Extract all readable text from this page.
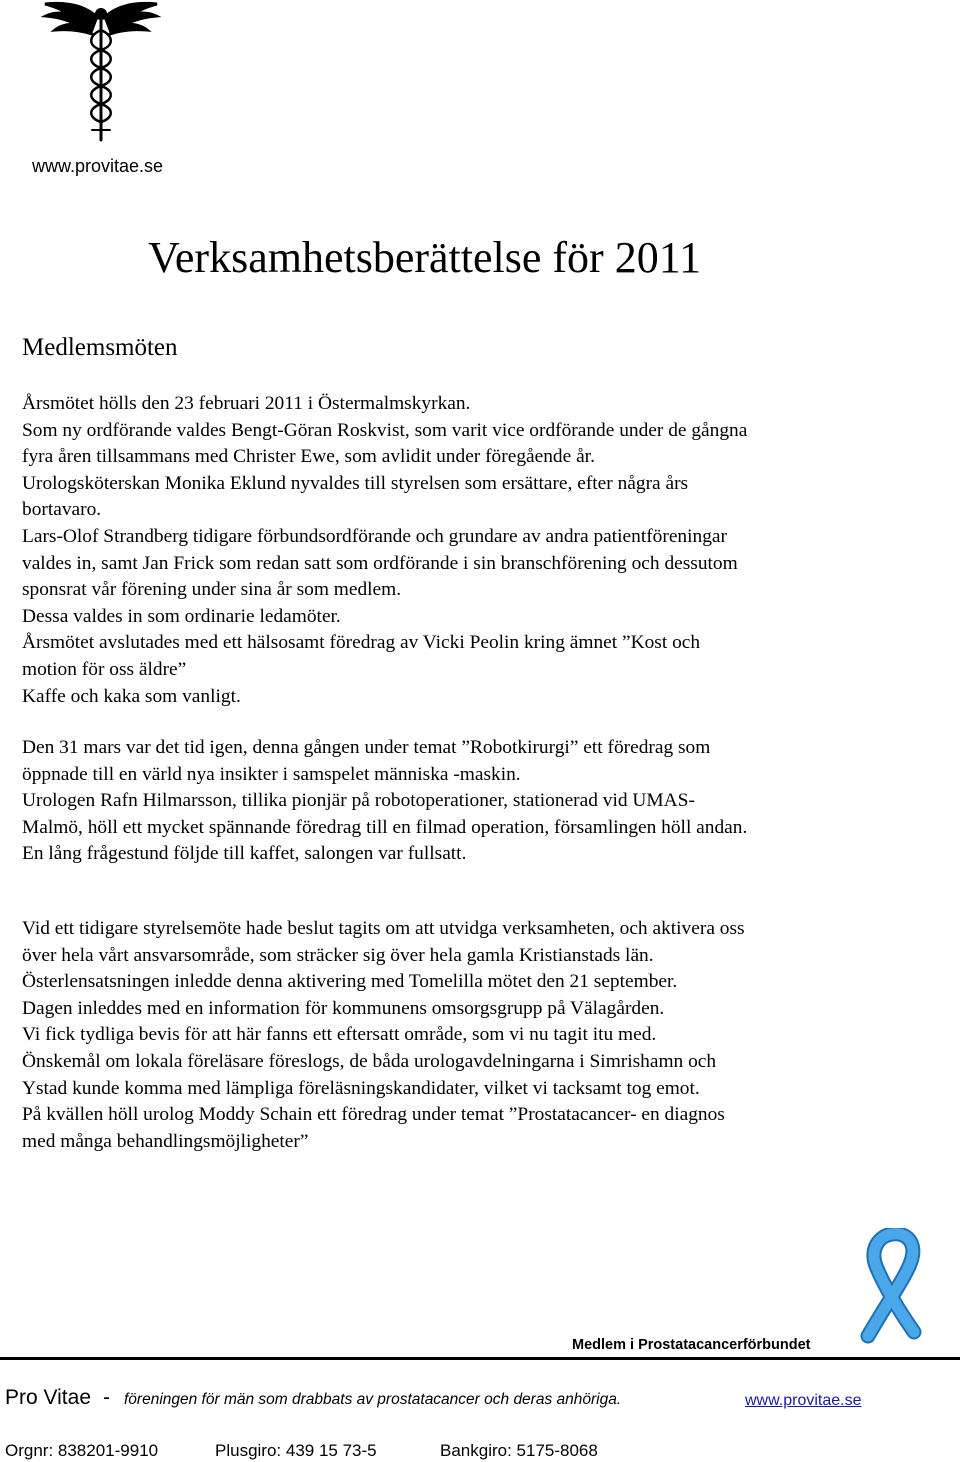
www.provitae.se
Verksamhetsberättelse för 2011
Medlemsmöten

Årsmötet hölls den 23 februari 2011 i Östermalmskyrkan.
Som ny ordförande valdes Bengt-Göran Roskvist, som varit vice ordförande under de gångna
fyra åren tillsammans med Christer Ewe, som avlidit under föregående år.
Urologsköterskan Monika Eklund nyvaldes till styrelsen som ersättare, efter några års
bortavaro.
Lars-Olof Strandberg tidigare förbundsordförande och grundare av andra patientföreningar
valdes in, samt Jan Frick som redan satt som ordförande i sin branschförening och dessutom
sponsrat vår förening under sina år som medlem.
Dessa valdes in som ordinarie ledamöter.
Årsmötet avslutades med ett hälsosamt föredrag av Vicki Peolin kring ämnet ”Kost och
motion för oss äldre”
Kaffe och kaka som vanligt.

Den 31 mars var det tid igen, denna gången under temat ”Robotkirurgi” ett föredrag som
öppnade till en värld nya insikter i samspelet människa -maskin.
Urologen Rafn Hilmarsson, tillika pionjär på robotoperationer, stationerad vid UMAS-
Malmö, höll ett mycket spännande föredrag till en filmad operation, församlingen höll andan.
En lång frågestund följde till kaffet, salongen var fullsatt.

Vid ett tidigare styrelsemöte hade beslut tagits om att utvidga verksamheten, och aktivera oss
över hela vårt ansvarsområde, som sträcker sig över hela gamla Kristianstads län.
Österlensatsningen inledde denna aktivering med Tomelilla mötet den 21 september.
Dagen inleddes med en information för kommunens omsorgsgrupp på Välagården.
Vi fick tydliga bevis för att här fanns ett eftersatt område, som vi nu tagit itu med.
Önskemål om lokala föreläsare föreslogs, de båda urologavdelningarna i Simrishamn och
Ystad kunde komma med lämpliga föreläsningskandidater, vilket vi tacksamt tog emot.
På kvällen höll urolog Moddy Schain ett föredrag under temat ”Prostatacancer- en diagnos
med många behandlingsmöjligheter”

Medlem i Prostatacancerförbundet
Pro Vitae - föreningen för män som drabbats av prostatacancer och deras anhöriga.	www.provitae.se
Orgnr: 838201-9910	Plusgiro: 439 15 73-5	Bankgiro: 5175-8068
